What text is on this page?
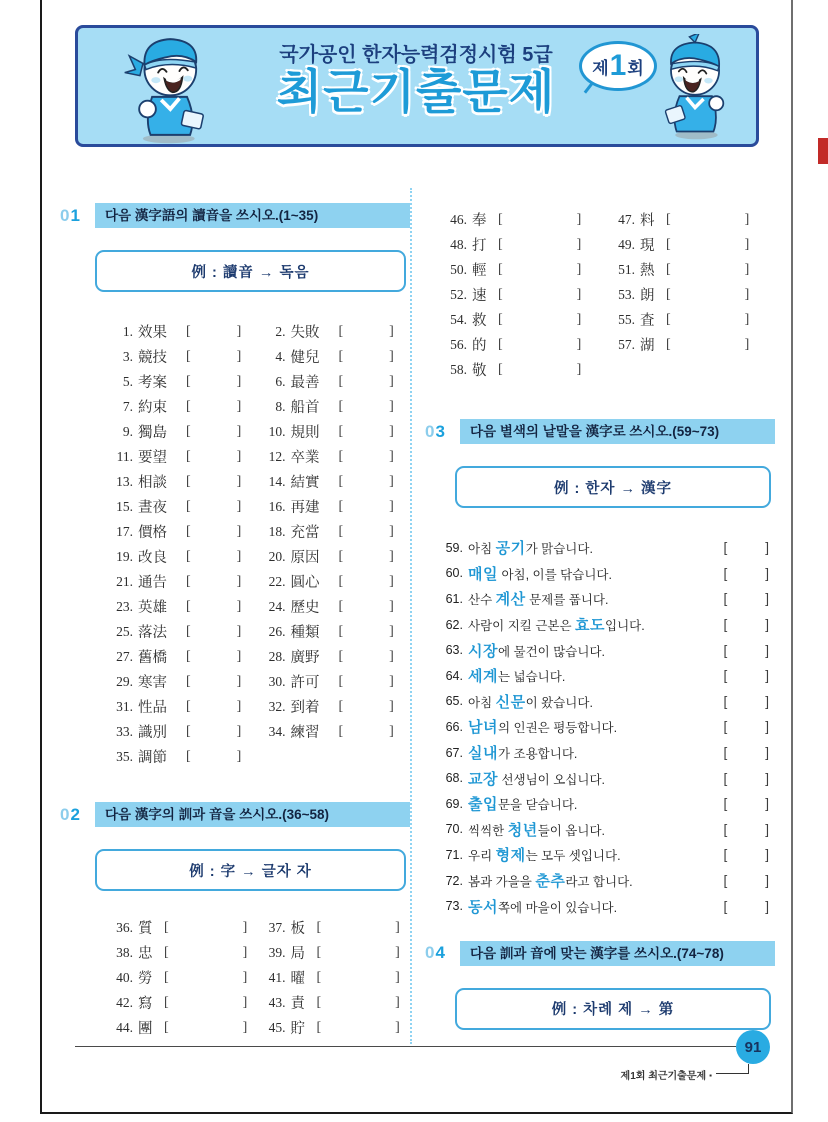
국가공인 한자능력검정시험 5급
최근기출문제	제 1 회
01	다음 漢字語의 讀音을 쓰시오.(1~35)
例 : 讀音 → 독음
1. 效果	[	]	2. 失敗	[	]
3. 競技	[	]	4. 健兒	[	]
5. 考案	[	]	6. 最善	[	]
7. 約束	[	]	8. 船首	[	]
9. 獨島	[	]	10. 規則	[	]
11. 要望	[	]	12. 卒業	[	]
13. 相談	[	]	14. 結實	[	]
15. 晝夜	[	]	16. 再建	[	]
17. 價格	[	]	18. 充當	[	]
19. 改良	[	]	20. 原因	[	]
21. 通告	[	]	22. 圓心	[	]
23. 英雄	[	]	24. 歷史	[	]
25. 落法	[	]	26. 種類	[	]
27. 舊橋	[	]	28. 廣野	[	]
29. 寒害	[	]	30. 許可	[	]
31. 性品	[	]	32. 到着	[	]
33. 識別	[	]	34. 練習	[	]
35. 調節	[	]
02	다음 漢字의 訓과 音을 쓰시오.(36~58)
例 : 字 → 글자 자
36. 質 [	]	37. 板 [	]
38. 忠 [	]	39. 局 [	]
40. 勞 [	]	41. 曜 [	]
42. 寫 [	]	43. 責 [	]
44. 團 [	]	45. 貯 [	]
46. 奉 [	]	47. 料 [	]
48. 打 [	]	49. 現 [	]
50. 輕 [	]	51. 熱 [	]
52. 速 [	]	53. 朗 [	]
54. 救 [	]	55. 査 [	]
56. 的 [	]	57. 湖 [	]
58. 敬 [	]
03	다음 별색의 낱말을 漢字로 쓰시오.(59~73)
例 : 한자 → 漢字
59. 아침 공기가 맑습니다.	[	]
60. 매일 아침, 이를 닦습니다.	[	]
61. 산수 계산 문제를 풉니다.	[	]
62. 사람이 지킬 근본은 효도입니다.	[	]
63. 시장에 물건이 많습니다.	[	]
64. 세계는 넓습니다.	[	]
65. 아침 신문이 왔습니다.	[	]
66. 남녀의 인권은 평등합니다.	[	]
67. 실내가 조용합니다.	[	]
68. 교장 선생님이 오십니다.	[	]
69. 출입문을 닫습니다.	[	]
70. 씩씩한 청년들이 옵니다.	[	]
71. 우리 형제는 모두 셋입니다.	[	]
72. 봄과 가을을 춘추라고 합니다.	[	]
73. 동서쪽에 마을이 있습니다.	[	]
04	다음 訓과 音에 맞는 漢字를 쓰시오.(74~78)
例 : 차례 제 → 第
91
제1회 최근기출문제 ▪
